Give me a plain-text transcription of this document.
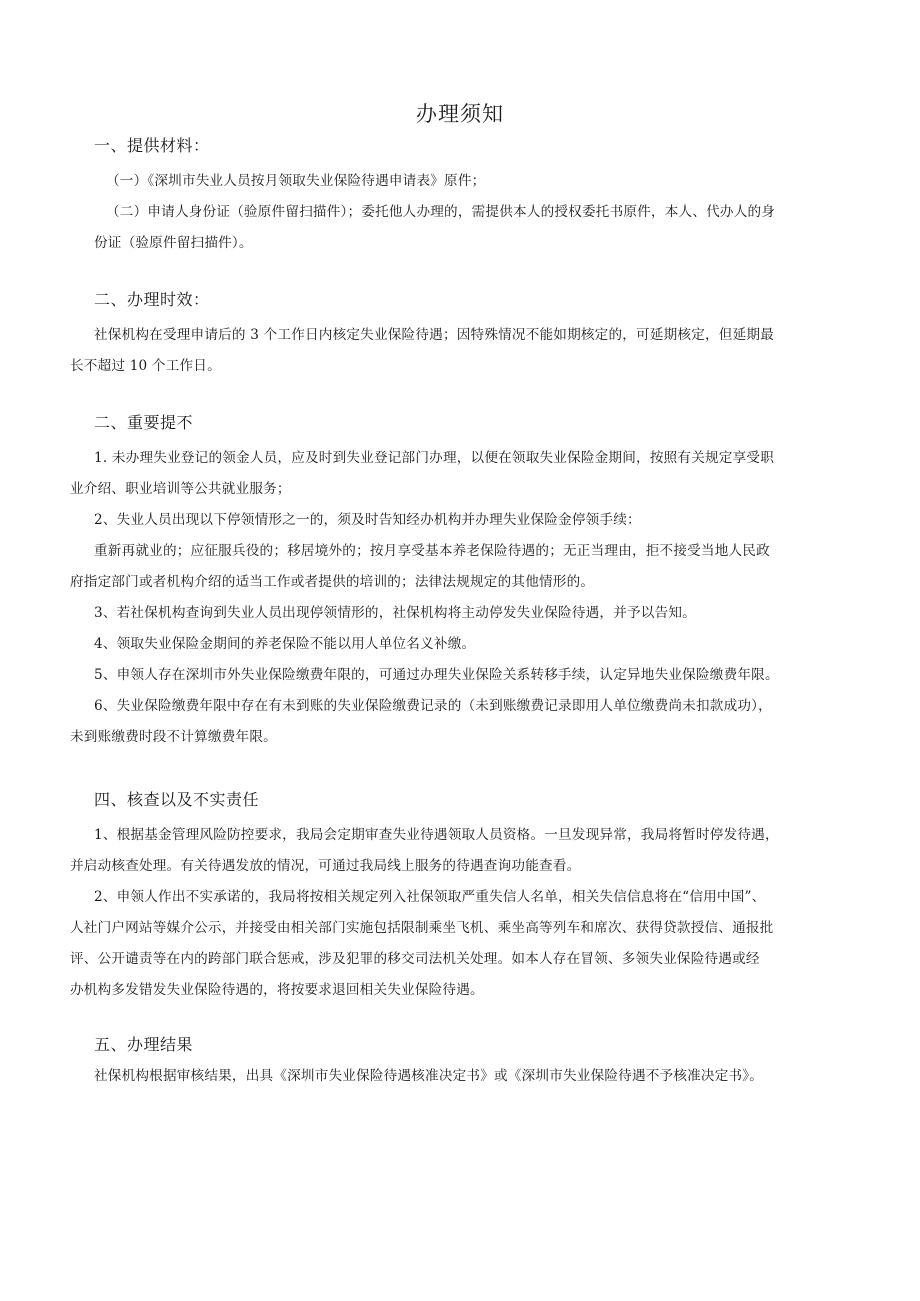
办理须知

一、提供材料：

（一）《深圳市失业人员按月领取失业保险待遇申请表》原件；

（二）申请人身份证（验原件留扫描件）；委托他人办理的，需提供本人的授权委托书原件，本人、代办人的身

份证（验原件留扫描件）。

二、办理时效：

社保机构在受理申请后的 3 个工作日内核定失业保险待遇；因特殊情况不能如期核定的，可延期核定，但延期最

长不超过 10 个工作日。

二、重要提不

1. 未办理失业登记的领金人员，应及时到失业登记部门办理，以便在领取失业保险金期间，按照有关规定享受职

业介绍、职业培训等公共就业服务；

2、失业人员出现以下停领情形之一的，须及时告知经办机构并办理失业保险金停领手续：

重新再就业的；应征服兵役的；移居境外的；按月享受基本养老保险待遇的；无正当理由，拒不接受当地人民政

府指定部门或者机构介绍的适当工作或者提供的培训的；法律法规规定的其他情形的。

3、若社保机构查询到失业人员出现停领情形的，社保机构将主动停发失业保险待遇，并予以告知。

4、领取失业保险金期间的养老保险不能以用人单位名义补缴。

5、申领人存在深圳市外失业保险缴费年限的，可通过办理失业保险关系转移手续，认定异地失业保险缴费年限。

6、失业保险缴费年限中存在有未到账的失业保险缴费记录的（未到账缴费记录即用人单位缴费尚未扣款成功），

未到账缴费时段不计算缴费年限。

四、核查以及不实责任

1、根据基金管理风险防控要求，我局会定期审查失业待遇领取人员资格。一旦发现异常，我局将暂时停发待遇，

并启动核查处理。有关待遇发放的情况，可通过我局线上服务的待遇查询功能查看。

2、申领人作出不实承诺的，我局将按相关规定列入社保领取严重失信人名单，相关失信信息将在“信用中国”、

人社门户网站等媒介公示，并接受由相关部门实施包括限制乘坐飞机、乘坐高等列车和席次、获得贷款授信、通报批

评、公开谴责等在内的跨部门联合惩戒，涉及犯罪的移交司法机关处理。如本人存在冒领、多领失业保险待遇或经

办机构多发错发失业保险待遇的，将按要求退回相关失业保险待遇。

五、办理结果

社保机构根据审核结果，出具《深圳市失业保险待遇核准决定书》或《深圳市失业保险待遇不予核准决定书》。
